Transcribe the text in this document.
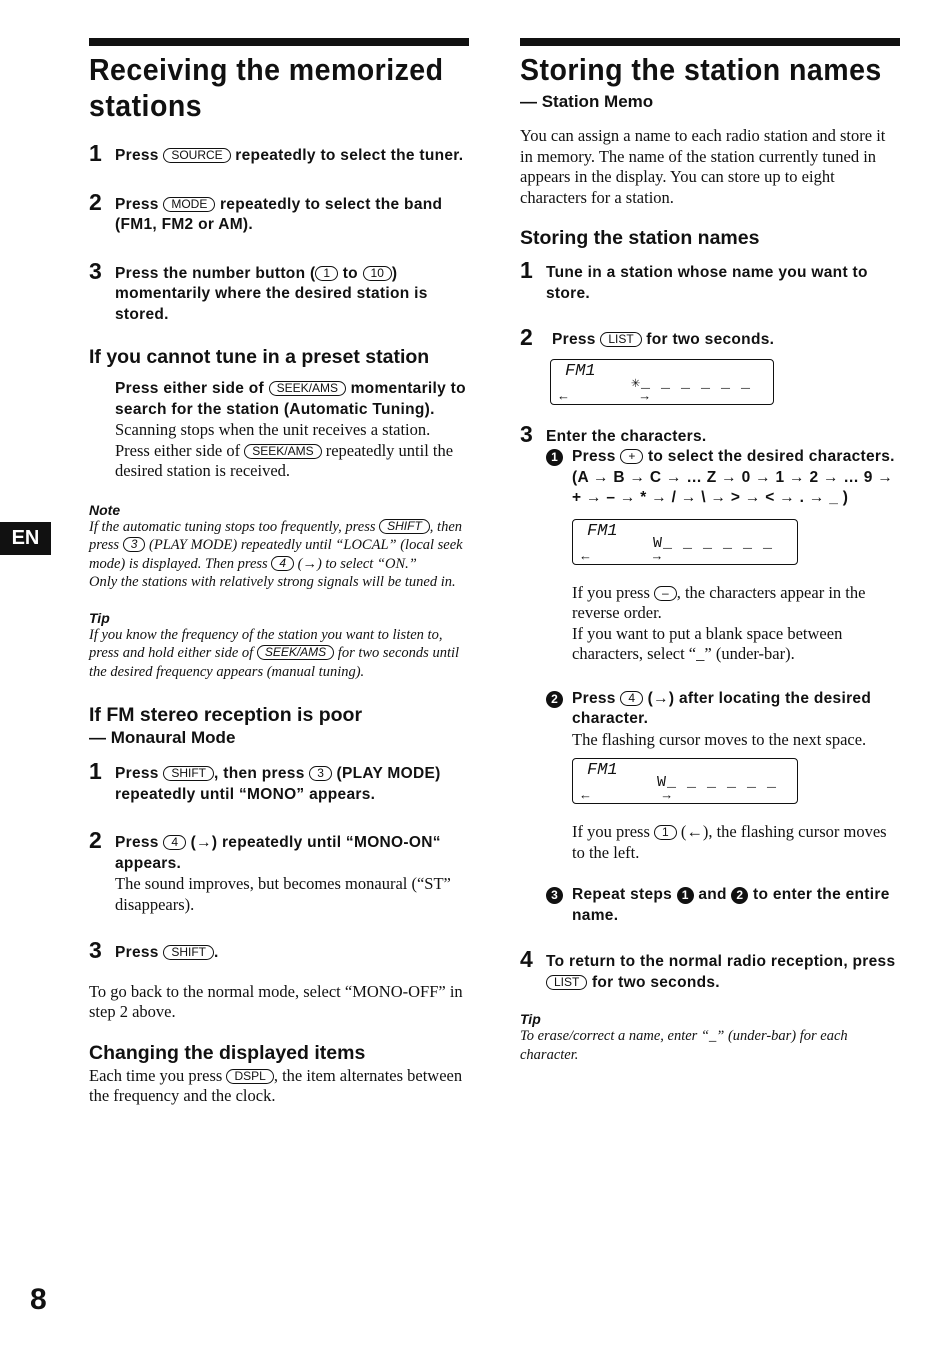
EN
8
Receiving the memorized
stations
1 Press SOURCE repeatedly to select the tuner.

2 Press MODE repeatedly to select the band (FM1, FM2 or AM).

3 Press the number button ( 1 to 10 ) momentarily where the desired station is stored.

If you cannot tune in a preset station

Press either side of SEEK/AMS momentarily to search for the station (Automatic Tuning).

Scanning stops when the unit receives a station. Press either side of SEEK/AMS repeatedly until the desired station is received.

Note

If the automatic tuning stops too frequently, press SHIFT , then press 3 (PLAY MODE) repeatedly until “LOCAL” (local seek mode) is displayed. Then press 4 (→) to select “ON.”
Only the stations with relatively strong signals will be tuned in.

Tip

If you know the frequency of the station you want to listen to, press and hold either side of SEEK/AMS for two seconds until the desired frequency appears (manual tuning).

If FM stereo reception is poor

— Monaural Mode

1 Press SHIFT , then press 3 (PLAY MODE) repeatedly until “MONO” appears.

2 Press 4 (→) repeatedly until “MONO-ON“ appears.

The sound improves, but becomes monaural (“ST” disappears).

3 Press SHIFT .

To go back to the normal mode, select “MONO-OFF” in step 2 above.

Changing the displayed items

Each time you press DSPL , the item alternates between the frequency and the clock.

Storing the station names

— Station Memo

You can assign a name to each radio station and store it in memory. The name of the station currently tuned in appears in the display. You can store up to eight characters for a station.

Storing the station names
1 Tune in a station whose name you want to store.

2 Press LIST for two seconds.

FM1
✳_ _ _ _ _ _
←                     →
3 Enter the characters.

1 Press + to select the desired characters.

(A → B → C → … Z → 0 → 1 → 2 → … 9 → + → – → * → / → \ → > → < → . → _ )

FM1
W_ _ _ _ _ _
←                  →

If you press – , the characters appear in the reverse order.

If you want to put a blank space between characters, select “_” (under-bar).

2 Press 4 (→) after locating the desired character.

The flashing cursor moves to the next space.

FM1
W_ _ _ _ _ _
←                     →

If you press 1 (←), the flashing cursor moves to the left.

3 Repeat steps 1 and 2 to enter the entire name.

4 To return to the normal radio reception, press LIST for two seconds.

Tip

To erase/correct a name, enter “_” (under-bar) for each character.
